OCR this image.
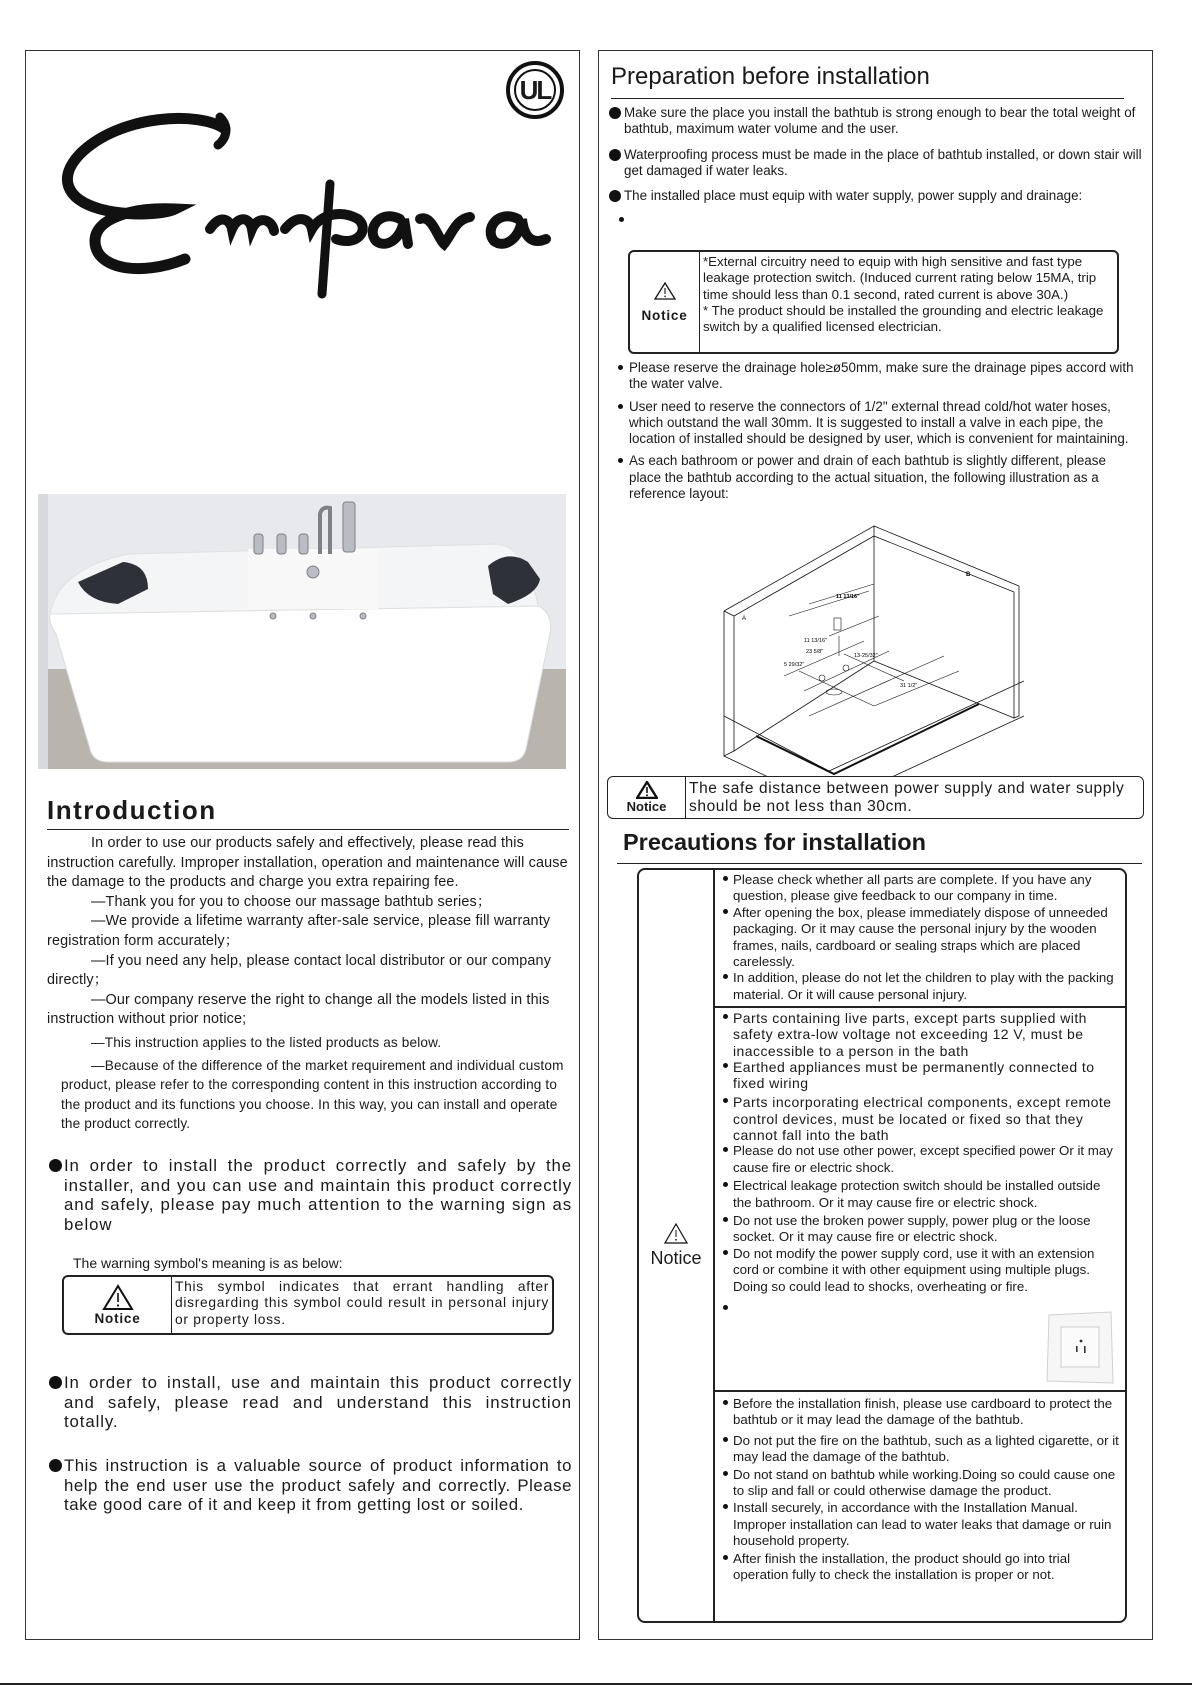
UL
Introduction

In order to use our products safely and effectively, please read this instruction carefully. Improper installation, operation and maintenance will cause the damage to the products and charge you extra repairing fee.

—Thank you for you to choose our massage bathtub series；

—We provide a lifetime warranty after-sale service, please fill warranty registration form accurately；

—If you need any help, please contact local distributor or our company directly；

—Our company reserve the right to change all the models listed in this instruction without prior notice;

—This instruction applies to the listed products as below.

—Because of the difference of the market requirement and individual custom product, please refer to the corresponding content in this instruction according to the product and its functions you choose. In this way, you can install and operate the product correctly.

In order to install the product correctly and safely by the installer, and you can use and maintain this product correctly and safely, please pay much attention to the warning sign as below
The warning symbol's meaning is as below:
Notice
This symbol indicates that errant handling after disregarding this symbol could result in personal injury or property loss.
In order to install, use and maintain this product correctly and safely, please read and understand this instruction totally.
This instruction is a valuable source of product information to help the end user use the product safely and correctly. Please take good care of it and keep it from getting lost or soiled.
Preparation before installation
Make sure the place you install the bathtub is strong enough to bear the total weight of bathtub, maximum water volume and the user.
Waterproofing process must be made in the place of bathtub installed, or down stair will get damaged if water leaks.
The installed place must equip with water supply, power supply and drainage:
Notice
*External circuitry need to equip with high sensitive and fast type leakage protection switch. (Induced current rating below 15MA, trip time should less than 0.1 second, rated current is above 30A.)
* The product should be installed the grounding and electric leakage switch by a qualified licensed electrician.
Please reserve the drainage hole≥ø50mm, make sure the drainage pipes accord with the water valve.
User need to reserve the connectors of 1/2" external thread cold/hot water hoses, which outstand the wall 30mm. It is suggested to install a valve in each pipe, the location of installed should be designed by user, which is convenient for maintaining.
As each bathroom or power and drain of each bathtub is slightly different, please place the bathtub according to the actual situation, the following illustration as a reference layout:
A
B
11 13/16"
11 13/16"
23 5/8"
13-25/32"
5 29/32"
31 1/2"
Notice
The safe distance between power supply and water supply should be not less than 30cm.
Precautions for installation
Notice
Please check whether all parts are complete. If you have any question, please give feedback to our company in time.
After opening the box, please immediately dispose of unneeded packaging. Or it may cause the personal injury by the wooden frames, nails, cardboard or sealing straps which are placed carelessly.
In addition, please do not let the children to play with the packing material. Or it will cause personal injury.
Parts containing live parts, except parts supplied with safety extra-low voltage not exceeding 12 V, must be inaccessible to a person in the bath
Earthed appliances must be permanently connected to fixed wiring
Parts incorporating electrical components, except remote control devices, must be located or fixed so that they cannot fall into the bath
Please do not use other power, except specified power Or it may cause fire or electric shock.
Electrical leakage protection switch should be installed outside the bathroom. Or it may cause fire or electric shock.
Do not use the broken power supply, power plug or the loose socket. Or it may cause fire or electric shock.
Do not modify the power supply cord, use it with an extension cord or combine it with other equipment using multiple plugs. Doing so could lead to shocks, overheating or fire.
Before the installation finish, please use cardboard to protect the bathtub or it may lead the damage of the bathtub.
Do not put the fire on the bathtub, such as a lighted cigarette, or it may lead the damage of the bathtub.
Do not stand on bathtub while working.Doing so could cause one to slip and fall or could otherwise damage the product.
Install securely, in accordance with the Installation Manual. Improper installation can lead to water leaks that damage or ruin household property.
After finish the installation, the product should go into trial operation fully to check the installation is proper or not.
